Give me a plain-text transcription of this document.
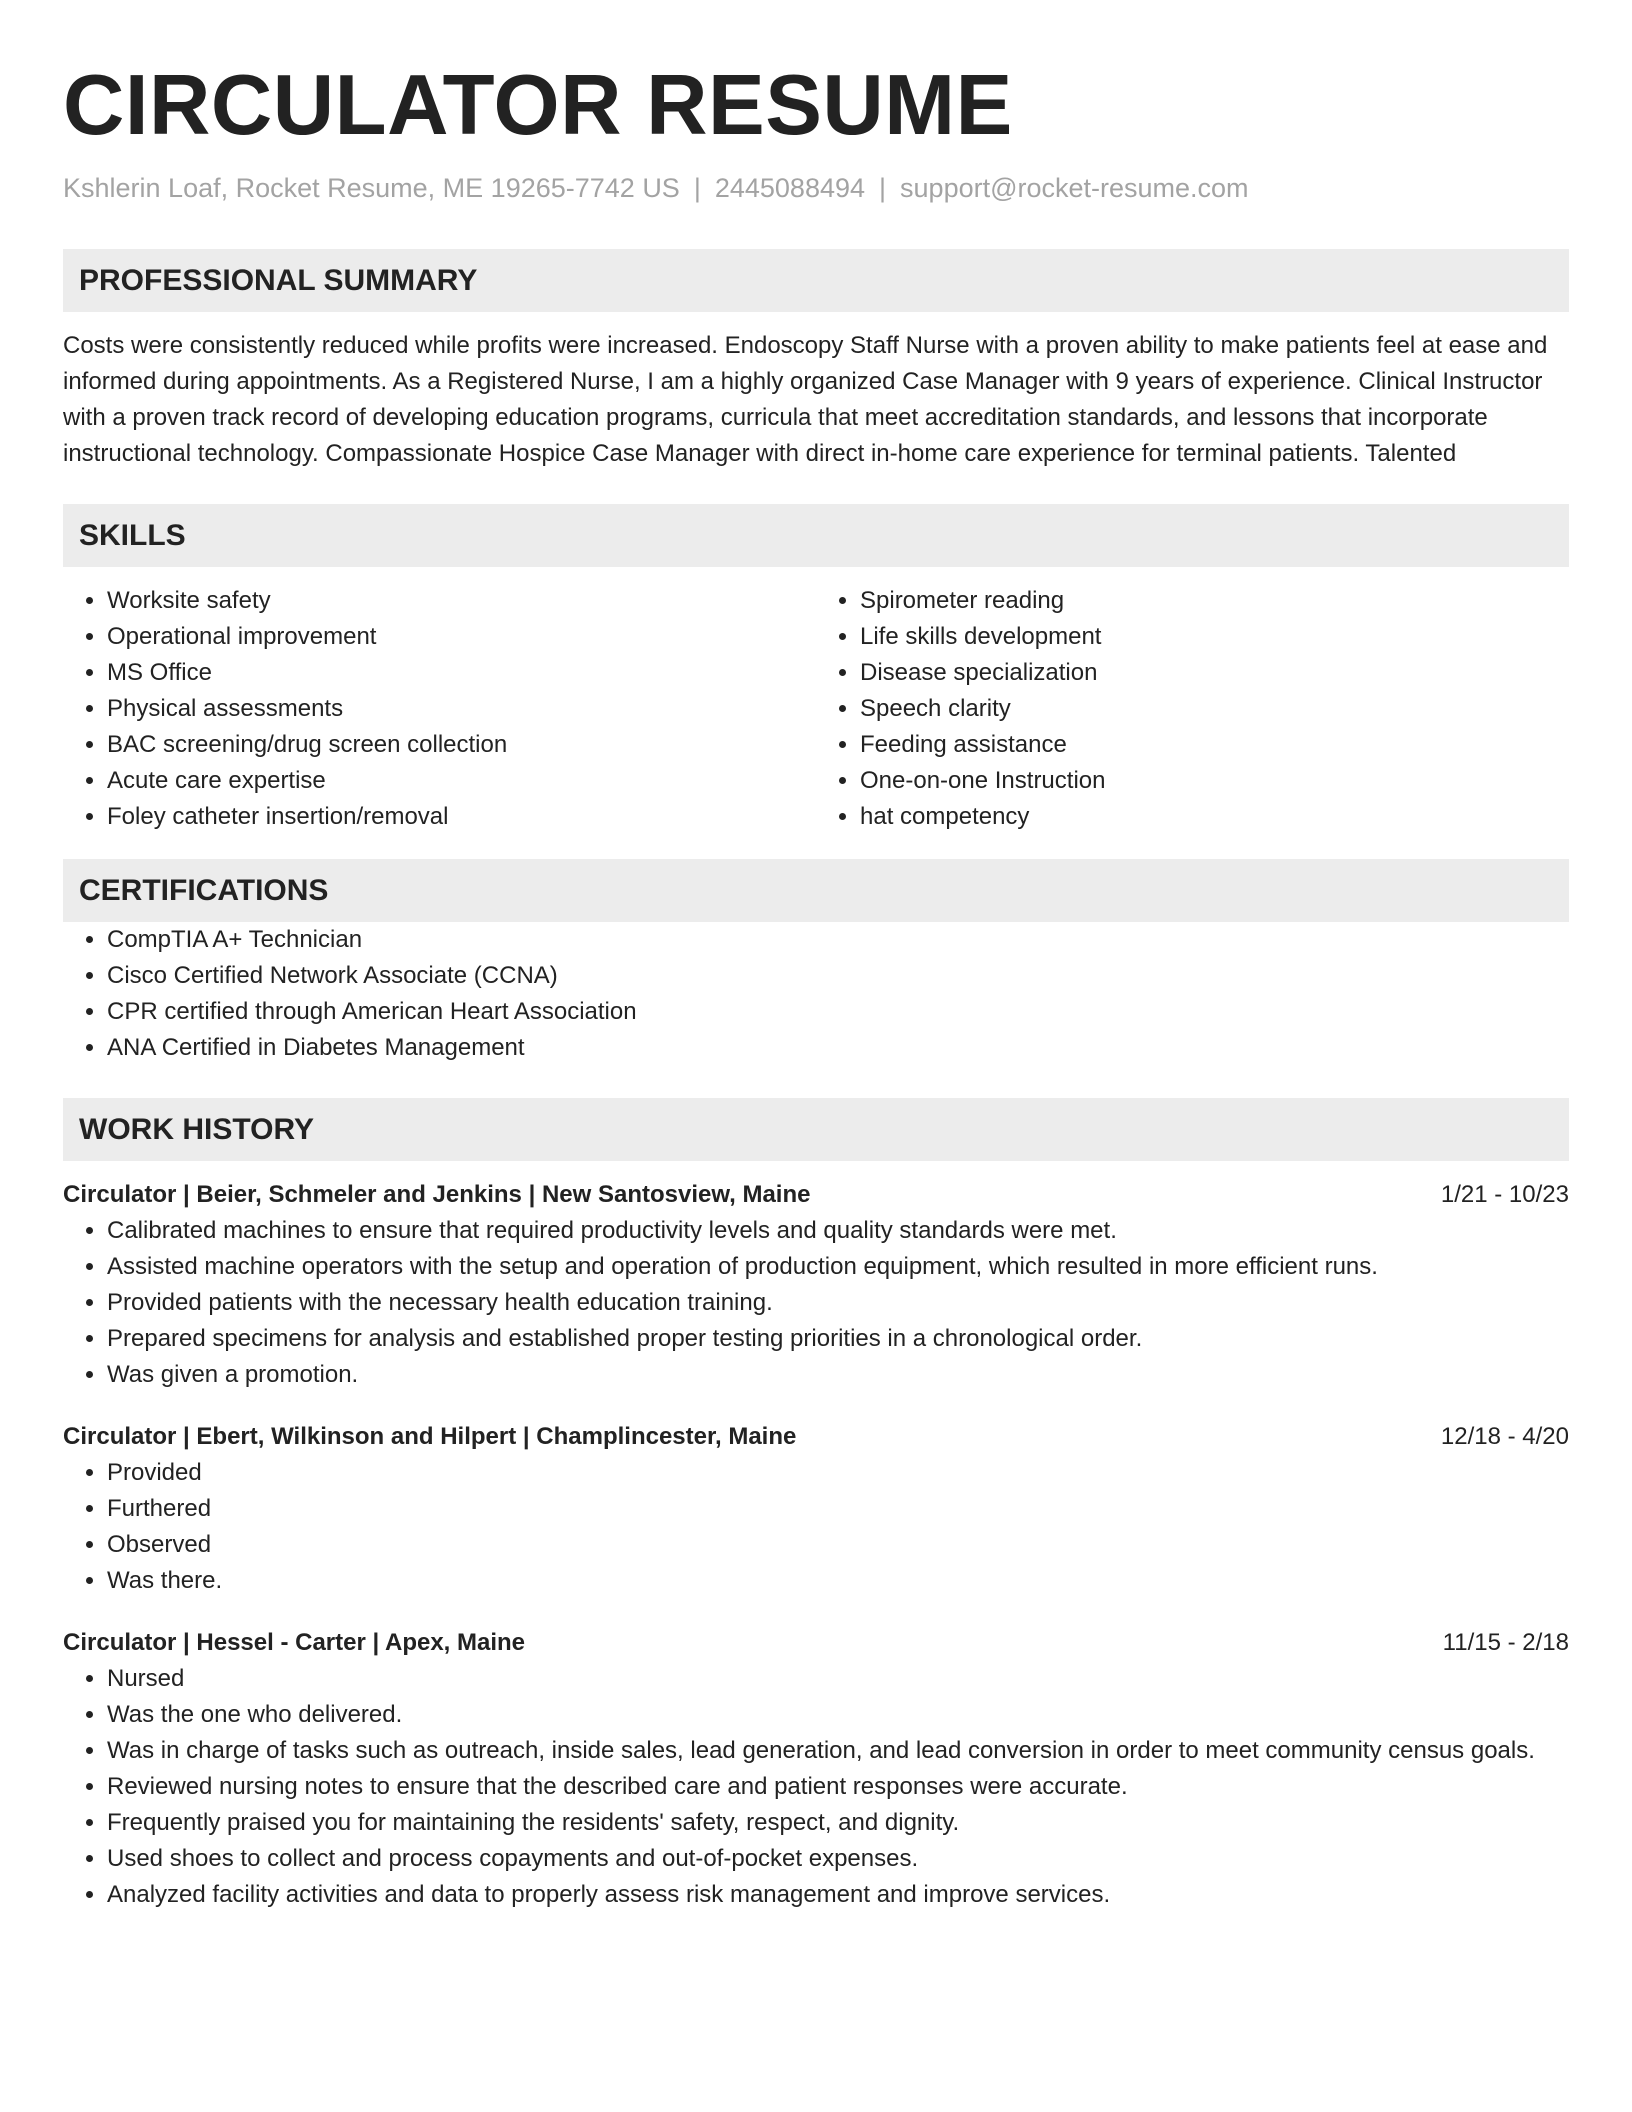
CIRCULATOR RESUME
Kshlerin Loaf, Rocket Resume, ME 19265-7742 US | 2445088494 | support@rocket-resume.com
PROFESSIONAL SUMMARY

Costs were consistently reduced while profits were increased. Endoscopy Staff Nurse with a proven ability to make patients feel at ease and informed during appointments. As a Registered Nurse, I am a highly organized Case Manager with 9 years of experience. Clinical Instructor with a proven track record of developing education programs, curricula that meet accreditation standards, and lessons that incorporate instructional technology. Compassionate Hospice Case Manager with direct in-home care experience for terminal patients. Talented

SKILLS
• Worksite safety
• Operational improvement
• MS Office
• Physical assessments
• BAC screening/drug screen collection
• Acute care expertise
• Foley catheter insertion/removal
• Spirometer reading
• Life skills development
• Disease specialization
• Speech clarity
• Feeding assistance
• One-on-one Instruction
• hat competency
CERTIFICATIONS
• CompTIA A+ Technician
• Cisco Certified Network Associate (CCNA)
• CPR certified through American Heart Association
• ANA Certified in Diabetes Management
WORK HISTORY
Circulator | Beier, Schmeler and Jenkins | New Santosview, Maine	1/21 - 10/23
• Calibrated machines to ensure that required productivity levels and quality standards were met.
• Assisted machine operators with the setup and operation of production equipment, which resulted in more efficient runs.
• Provided patients with the necessary health education training.
• Prepared specimens for analysis and established proper testing priorities in a chronological order.
• Was given a promotion.
Circulator | Ebert, Wilkinson and Hilpert | Champlincester, Maine	12/18 - 4/20
• Provided
• Furthered
• Observed
• Was there.
Circulator | Hessel - Carter | Apex, Maine	11/15 - 2/18
• Nursed
• Was the one who delivered.
• Was in charge of tasks such as outreach, inside sales, lead generation, and lead conversion in order to meet community census goals.
• Reviewed nursing notes to ensure that the described care and patient responses were accurate.
• Frequently praised you for maintaining the residents' safety, respect, and dignity.
• Used shoes to collect and process copayments and out-of-pocket expenses.
• Analyzed facility activities and data to properly assess risk management and improve services.
